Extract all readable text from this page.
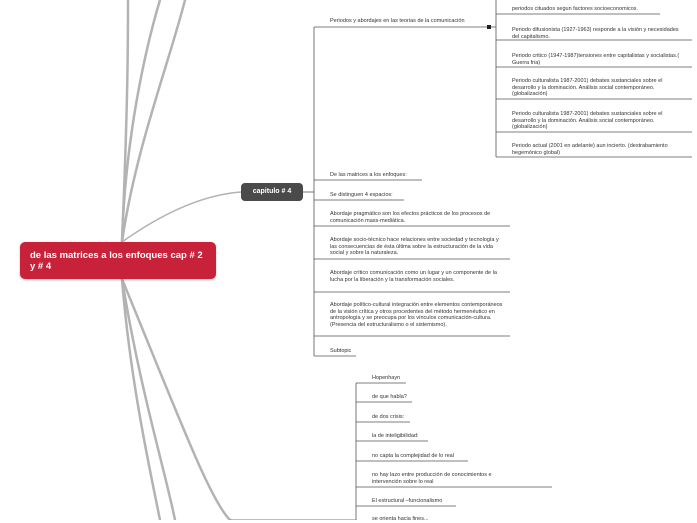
de las matrices a los enfoques cap # 2 y # 4
capitulo # 4
Periodos y abordajes en las teorias de la comunicación
periodos cituados segun factores socioeconomicos.
Periodo difusionista (1927-1963) responde a la visión y necesidades del capitalismo.
Periodo critico (1947-1987)tensiones entre capitalistas y socialistas.( Guerra fria)
Periodo culturalista 1987-2001) debates sustanciales sobre el desarrollo y la dominación. Análisis social contemporáneo. (globalización)
Periodo culturalista 1987-2001) debates sustanciales sobre el desarrollo y la dominación. Análisis social contemporáneo. (globalización)
Periodo actual (2001 en adelante) aun incierto. (destrabamiento hegemónico global)
De las matrices a los enfoques:
Se distinguen 4 espacios:
Abordaje pragmático son los efectos prácticos de los procesos de comunicación mass-mediática.
Abordaje socio-técnico hace relaciones entre sociedad y tecnología y las consecuencias de ésta última sobre la estructuración de la vida social y sobre la naturaleza.
Abordaje crítico comunicación como un lugar y un componente de la lucha por la liberación y la transformación sociales.
Abordaje político-cultural integración entre elementos contemporáneos de la visión crítica y otros procedentes del método hermenéutico en antropología y se preocupa por los vínculos comunicación-cultura. (Presencia del estructuralismo o el sistemismo).
Subtopic
Hopenhayn
de que habla?
de dos crisis:
la de inteligibilidad:
no capta la complejidad de lo real
no hay lazo entre producción de conocimientos e intervención sobre lo real
El estructural –funcionalismo
se orienta hacia fines...
